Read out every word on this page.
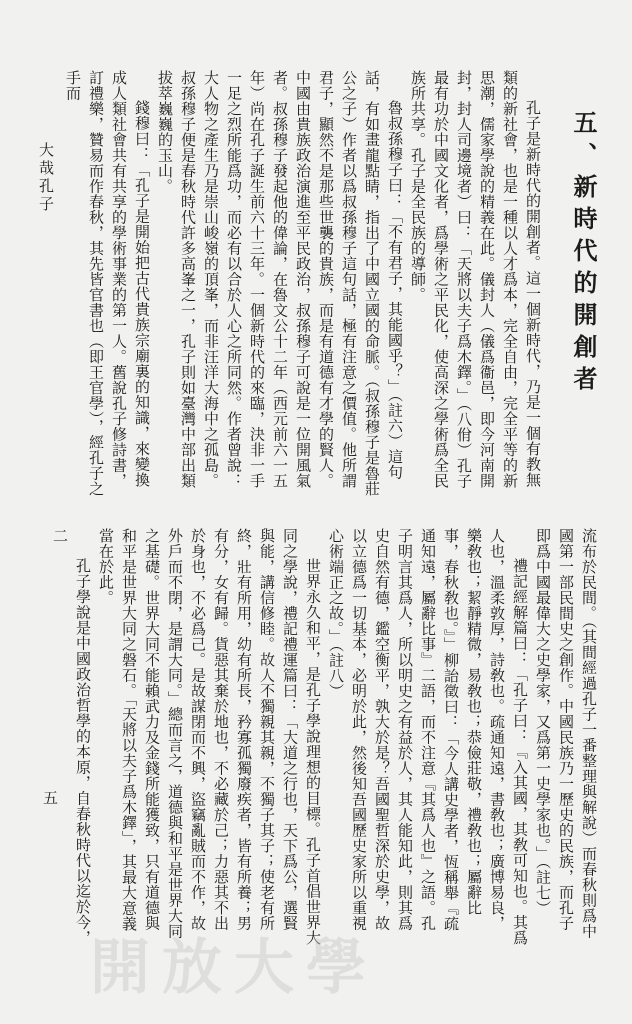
五、新時代的開創者

孔子是新時代的開創者。這一個新時代，乃是一個有教無類的新社會，也是一種以人才爲本，完全自由，完全平等的新思潮，儒家學說的精義在此。儀封人（儀爲衞邑，即今河南開封，封人司邊境者）曰：「天將以夫子爲木鐸。」（八佾）孔子最有功於中國文化者，爲學術之平民化，使高深之學術爲全民族所共享。孔子是全民族的導師。

魯叔孫穆子曰：「不有君子，其能國乎？」（註六）這句話，有如畫龍點睛，指出了中國立國的命脈。（叔孫穆子是魯莊公之子）作者以爲叔孫穆子這句話，極有注意之價值。他所謂君子，顯然不是那些世襲的貴族，而是有道德有才學的賢人。中國由貴族政治演進至平民政治，叔孫穆子可說是一位開風氣者。叔孫穆子發起他的偉論，在魯文公十二年（西元前六一五年）尚在孔子誕生前六十三年。一個新時代的來臨，決非一手一足之烈所能爲功，而必有以合於人心之所同然。作者曾說：大人物之產生乃是崇山峻嶺的頂峯，而非汪洋大海中之孤島。叔孫穆子便是春秋時代許多高峯之一，孔子則如臺灣中部出類拔萃巍巍的玉山。

錢穆曰：「孔子是開始把古代貴族宗廟裏的知識，來變換成人類社會共有共享的學術事業的第一人。舊說孔子修詩書，訂禮樂，贊易而作春秋，其先皆官書也（即王官學），經孔子之手而

大哉孔子

流布於民間。（其間經過孔子一番整理與解說）而春秋則爲中國第一部民間史之創作。中國民族乃一歷史的民族，而孔子即爲中國最偉大之史學家，又爲第一史學家也。」（註七）

禮記經解篇曰：「孔子曰：『入其國，其敎可知也。其爲人也，溫柔敦厚，詩敎也。疏通知遠，書敎也；廣博易良，樂敎也；絜靜精微，易敎也；恭儉莊敬，禮敎也；屬辭比事，春秋敎也。』」柳詒徵曰：「今人講史學者，恆稱舉『疏通知遠，屬辭比事』二語，而不注意『其爲人也』之語。孔子明言其爲人，所以明史之有益於人，其人能知此，則其爲史自然有德，鑑空衡平，孰大於是？吾國聖哲深於史學，故以立德爲一切基本，必明於此，然後知吾國歷史家所以重視心術端正之故。」（註八）

世界永久和平，是孔子學說理想的目標。孔子首倡世界大同之學說，禮記禮運篇曰：「大道之行也，天下爲公，選賢與能，講信修睦。故人不獨親其親，不獨子其子；使老有所終，壯有所用，幼有所長，矜寡孤獨廢疾者，皆有所養；男有分，女有歸。貨惡其棄於地也，不必藏於己；力惡其不出於身也，不必爲己。是故謀閉而不興，盜竊亂賊而不作，故外戶而不閉，是謂大同。」總而言之，道德與和平是世界大同之基礎。世界大同不能賴武力及金錢所能獲致，只有道德與和平是世界大同之磐石。「天將以夫子爲木鐸」，其最大意義當在於此。

孔子學說是中國政治哲學的本原，自春秋時代以迄於今，二

五
開放大學
